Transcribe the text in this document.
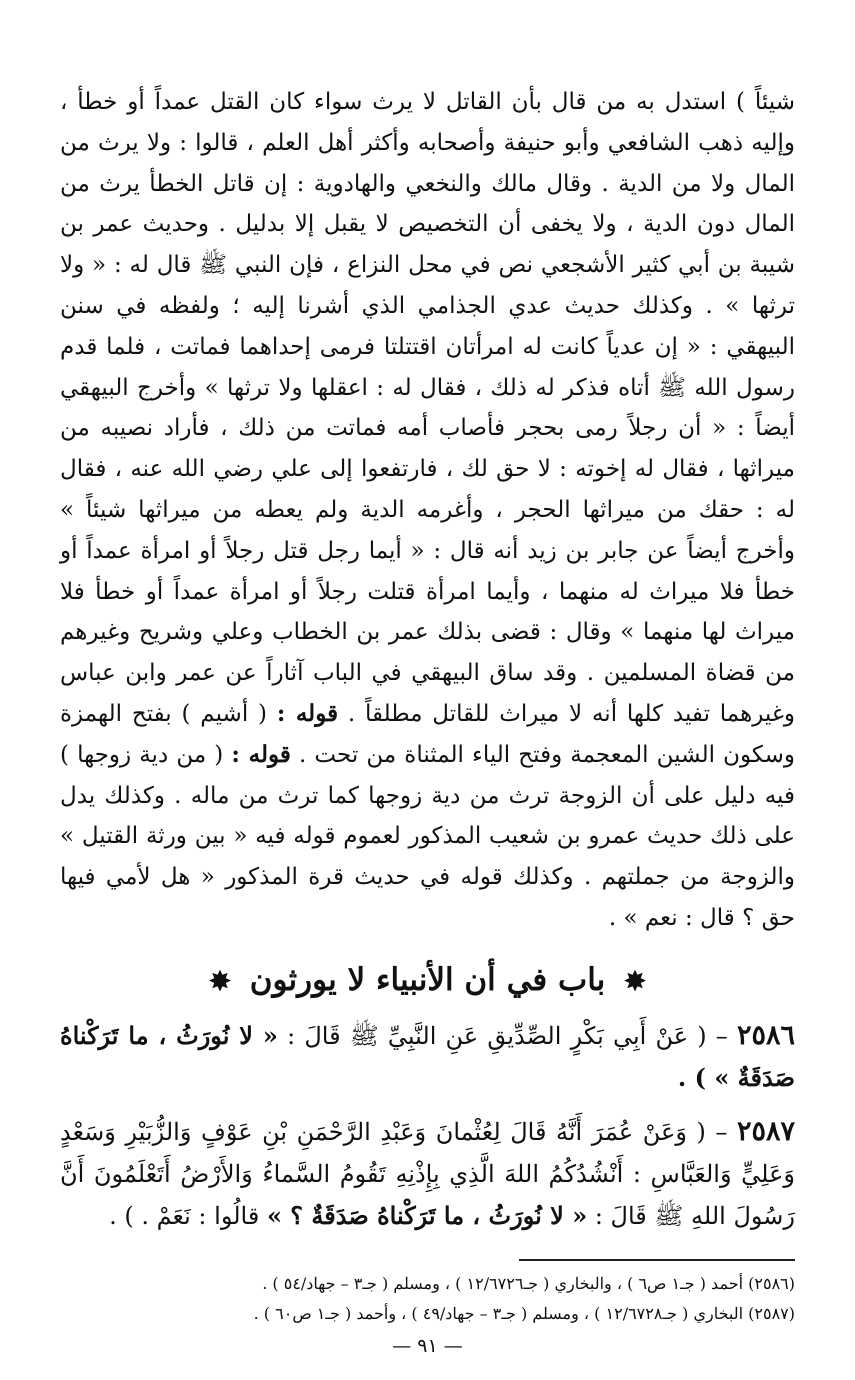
شيئاً ) استدل به من قال بأن القاتل لا يرث سواء كان القتل عمداً أو خطأ ، وإليه ذهب الشافعي وأبو حنيفة وأصحابه وأكثر أهل العلم ، قالوا : ولا يرث من المال ولا من الدية . وقال مالك والنخعي والهادوية : إن قاتل الخطأ يرث من المال دون الدية ، ولا يخفى أن التخصيص لا يقبل إلا بدليل . وحديث عمر بن شيبة بن أبي كثير الأشجعي نص في محل النزاع ، فإن النبي ﷺ قال له : « ولا ترثها » . وكذلك حديث عدي الجذامي الذي أشرنا إليه ؛ ولفظه في سنن البيهقي : « إن عدياً كانت له امرأتان اقتتلتا فرمى إحداهما فماتت ، فلما قدم رسول الله ﷺ أتاه فذكر له ذلك ، فقال له : اعقلها ولا ترثها » وأخرج البيهقي أيضاً : « أن رجلاً رمى بحجر فأصاب أمه فماتت من ذلك ، فأراد نصيبه من ميراثها ، فقال له إخوته : لا حق لك ، فارتفعوا إلى علي رضي الله عنه ، فقال له : حقك من ميراثها الحجر ، وأغرمه الدية ولم يعطه من ميراثها شيئاً » وأخرج أيضاً عن جابر بن زيد أنه قال : « أيما رجل قتل رجلاً أو امرأة عمداً أو خطأ فلا ميراث له منهما ، وأيما امرأة قتلت رجلاً أو امرأة عمداً أو خطأ فلا ميراث لها منهما » وقال : قضى بذلك عمر بن الخطاب وعلي وشريح وغيرهم من قضاة المسلمين . وقد ساق البيهقي في الباب آثاراً عن عمر وابن عباس وغيرهما تفيد كلها أنه لا ميراث للقاتل مطلقاً . قوله : ( أشيم ) بفتح الهمزة وسكون الشين المعجمة وفتح الياء المثناة من تحت . قوله : ( من دية زوجها ) فيه دليل على أن الزوجة ترث من دية زوجها كما ترث من ماله . وكذلك يدل على ذلك حديث عمرو بن شعيب المذكور لعموم قوله فيه « بين ورثة القتيل » والزوجة من جملتهم . وكذلك قوله في حديث قرة المذكور « هل لأمي فيها حق ؟ قال : نعم » .

✸ باب في أن الأنبياء لا يورثون ✸

٢٥٨٦ – ( عَنْ أَبِي بَكْرٍ الصِّدِّيقِ عَنِ النَّبِيِّ ﷺ قَالَ : « لا نُورَثُ ، ما تَرَكْناهُ صَدَقَةٌ » ) .

٢٥٨٧ – ( وَعَنْ عُمَرَ أَنَّهُ قَالَ لِعُثْمانَ وَعَبْدِ الرَّحْمَنِ بْنِ عَوْفٍ وَالزُّبَيْرِ وَسَعْدٍ وَعَلِيٍّ وَالعَبَّاسِ : أَنْشُدُكُمُ اللهَ الَّذِي بِإِذْنِهِ تَقُومُ السَّماءُ وَالأَرْضُ أَتَعْلَمُونَ أَنَّ رَسُولَ اللهِ ﷺ قَالَ : « لا نُورَثُ ، ما تَرَكْناهُ صَدَقَةٌ ؟ » قالُوا : نَعَمْ . ) .

(٢٥٨٦) أحمد ( جـ١ ص٦ ) ، والبخاري ( جـ١٢/٦٧٢٦ ) ، ومسلم ( جـ٣ – جهاد/٥٤ ) .

(٢٥٨٧) البخاري ( جـ١٢/٦٧٢٨ ) ، ومسلم ( جـ٣ – جهاد/٤٩ ) ، وأحمد ( جـ١ ص٦٠ ) .

— ٩١ —
